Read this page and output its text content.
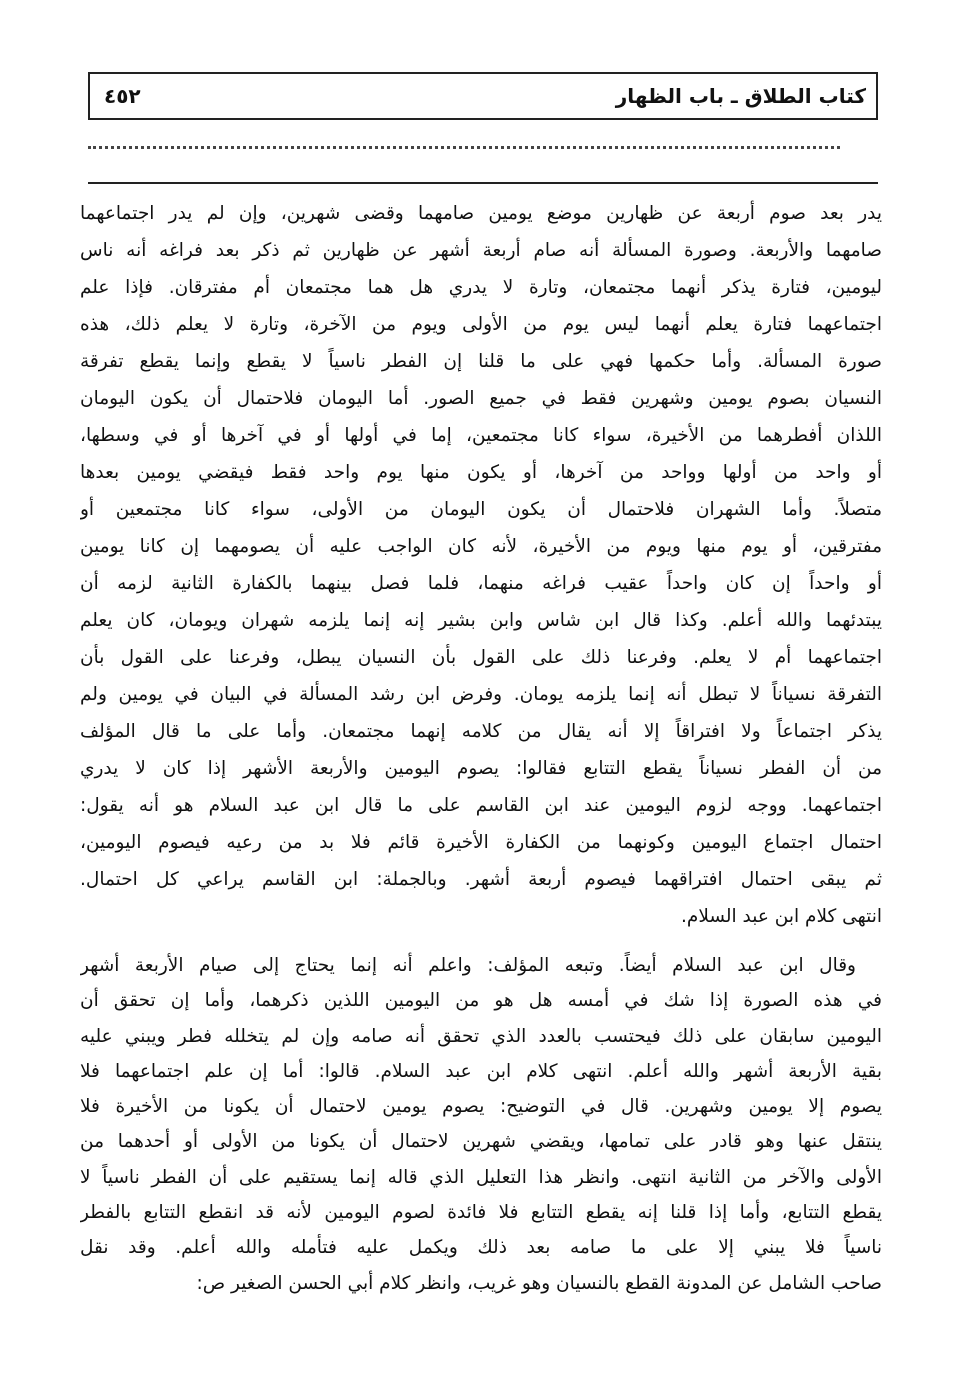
كتاب الطلاق ـ باب الظهار
٤٥٢
يدر بعد صوم أربعة عن ظهارين موضع يومين صامهما وقضى شهرين، وإن لم يدر اجتماعهما
صامهما والأربعة. وصورة المسألة أنه صام أربعة أشهر عن ظهارين ثم ذكر بعد فراغه أنه ناس
ليومين، فتارة يذكر أنهما مجتمعان، وتارة لا يدري هل هما مجتمعان أم مفترقان. فإذا علم
اجتماعهما فتارة يعلم أنهما ليس يوم من الأولى ويوم من الآخرة، وتارة لا يعلم ذلك، هذه
صورة المسألة. وأما حكمها فهي على ما قلنا إن الفطر ناسياً لا يقطع وإنما يقطع تفرقة
النسيان بصوم يومين وشهرين فقط في جميع الصور. أما اليومان فلاحتمال أن يكون اليومان
اللذان أفطرهما من الأخيرة، سواء كانا مجتمعين، إما في أولها أو في آخرها أو في وسطها،
أو واحد من أولها وواحد من آخرها، أو يكون منها يوم واحد فقط فيقضي يومين بعدها
متصلاً. وأما الشهران فلاحتمال أن يكون اليومان من الأولى، سواء كانا مجتمعين أو
مفترقين، أو يوم منها ويوم من الأخيرة، لأنه كان الواجب عليه أن يصومهما إن كانا يومين
أو واحداً إن كان واحداً عقيب فراغه منهما، فلما فصل بينهما بالكفارة الثانية لزمه أن
يبتدئهما والله أعلم. وكذا قال ابن شاس وابن بشير إنه إنما يلزمه شهران ويومان، كان يعلم
اجتماعهما أم لا يعلم. وفرعنا ذلك على القول بأن النسيان يبطل، وفرعنا على القول بأن
التفرقة نسياناً لا تبطل أنه إنما يلزمه يومان. وفرض ابن رشد المسألة في البيان في يومين ولم
يذكر اجتماعاً ولا افتراقاً إلا أنه يقال من كلامه إنهما مجتمعان. وأما على ما قال المؤلف
من أن الفطر نسياناً يقطع التتابع فقالوا: يصوم اليومين والأربعة الأشهر إذا كان لا يدري
اجتماعهما. ووجه لزوم اليومين عند ابن القاسم على ما قال ابن عبد السلام هو أنه يقول:
احتمال اجتماع اليومين وكونهما من الكفارة الأخيرة قائم فلا بد من رعيه فيصوم اليومين،
ثم يبقى احتمال افتراقهما فيصوم أربعة أشهر. وبالجملة: ابن القاسم يراعي كل احتمال.
انتهى كلام ابن عبد السلام.
وقال ابن عبد السلام أيضاً. وتبعه المؤلف: واعلم أنه إنما يحتاج إلى صيام الأربعة أشهر
في هذه الصورة إذا شك في أمسه هل هو من اليومين اللذين ذكرهما، وأما إن تحقق أن
اليومين سابقان على ذلك فيحتسب بالعدد الذي تحقق أنه صامه وإن لم يتخلله فطر ويبني عليه
بقية الأربعة أشهر والله أعلم. انتهى كلام ابن عبد السلام. قالوا: أما إن علم اجتماعهما فلا
يصوم إلا يومين وشهرين. قال في التوضيح: يصوم يومين لاحتمال أن يكونا من الأخيرة فلا
ينتقل عنها وهو قادر على تمامها، ويقضي شهرين لاحتمال أن يكونا من الأولى أو أحدهما من
الأولى والآخر من الثانية انتهى. وانظر هذا التعليل الذي قاله إنما يستقيم على أن الفطر ناسياً لا
يقطع التتابع، وأما إذا قلنا إنه يقطع التتابع فلا فائدة لصوم اليومين لأنه قد انقطع التتابع بالفطر
ناسياً فلا يبني إلا على ما صامه بعد ذلك ويكمل عليه فتأمله والله أعلم. وقد نقل
صاحب الشامل عن المدونة القطع بالنسيان وهو غريب، وانظر كلام أبي الحسن الصغير ص:
